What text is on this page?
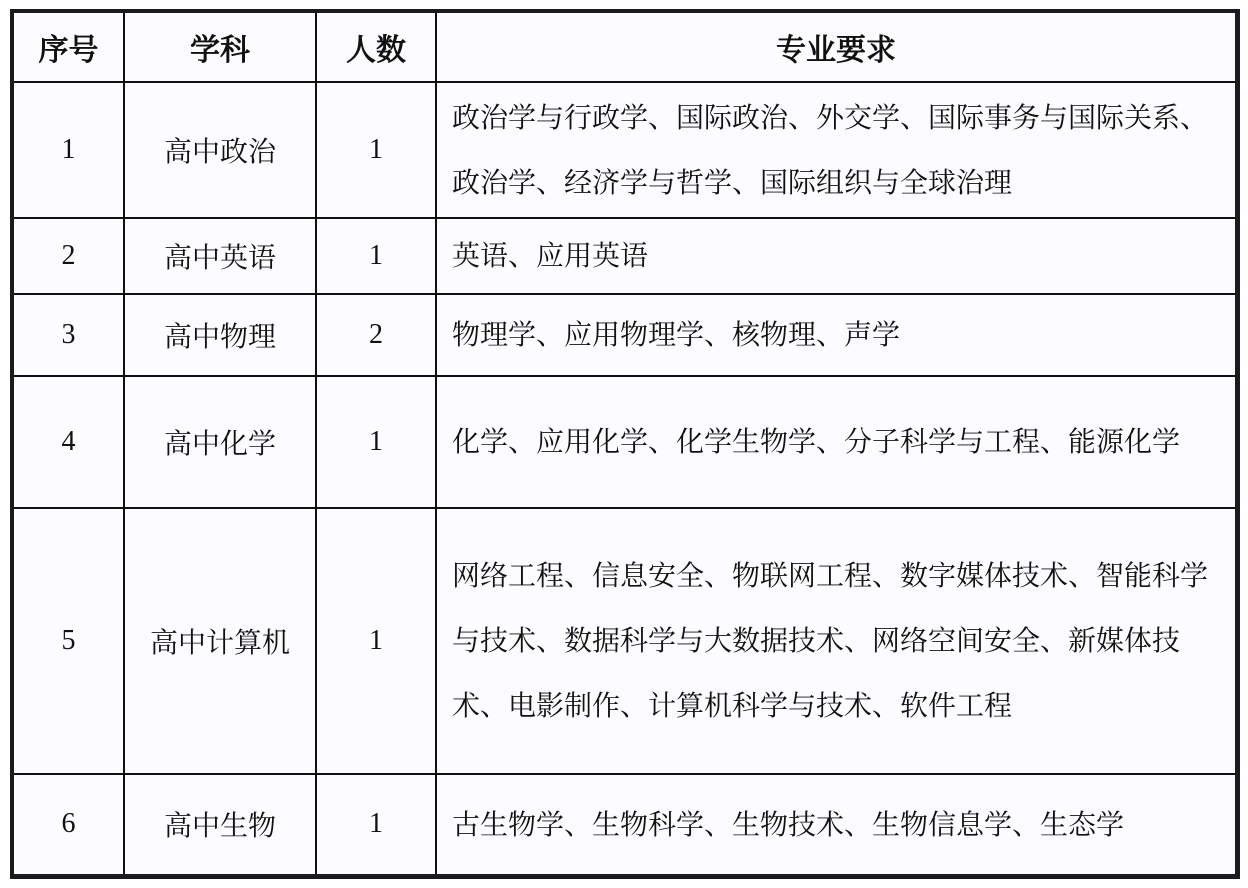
序号	学科	人数	专业要求
1	高中政治	1	政治学与行政学、国际政治、外交学、国际事务与国际关系、政治学、经济学与哲学、国际组织与全球治理
2	高中英语	1	英语、应用英语
3	高中物理	2	物理学、应用物理学、核物理、声学
4	高中化学	1	化学、应用化学、化学生物学、分子科学与工程、能源化学
5	高中计算机	1	网络工程、信息安全、物联网工程、数字媒体技术、智能科学与技术、数据科学与大数据技术、网络空间安全、新媒体技术、电影制作、计算机科学与技术、软件工程
6	高中生物	1	古生物学、生物科学、生物技术、生物信息学、生态学
